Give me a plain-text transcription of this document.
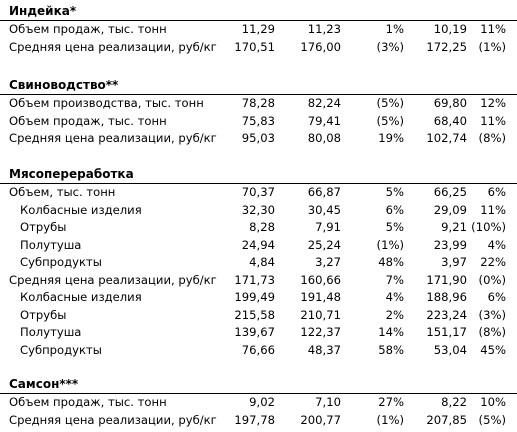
Индейка*
Объем продаж, тыс. тонн	11,29	11,23	1%	10,19 11%
Средняя цена реализации, руб/кг 170,51 176,00	(3%) 172,25 (1%)
Свиноводство**
Объем производства, тыс. тонн	78,28	82,24	(5%)	69,80 12%
Объем продаж, тыс. тонн	75,83	79,41	(5%)	68,40 11%
Средняя цена реализации, руб/кг 95,03	80,08	19% 102,74 (8%)
Мясопереработка
Объем, тыс. тонн	70,37	66,87	5%	66,25 6%
Колбасные изделия	32,30	30,45	6%	29,09 11%
Отрубы	8,28	7,91	5%	9,21 (10%)
Полутуша	24,94	25,24	(1%)	23,99 4%
Субпродукты	4,84	3,27	48%	3,97 22%
Средняя цена реализации, руб/кг 171,73 160,66	7% 171,90 (0%)
Колбасные изделия	199,49 191,48	4% 188,96 6%
Отрубы	215,58 210,71	2% 223,24 (3%)
Полутуша	139,67 122,37	14% 151,17 (8%)
Субпродукты	76,66	48,37	58%	53,04 45%
Самсон***
Объем продаж, тыс. тонн	9,02	7,10	27%	8,22 10%
Средняя цена реализации, руб/кг 197,78 200,77	(1%) 207,85 (5%)
